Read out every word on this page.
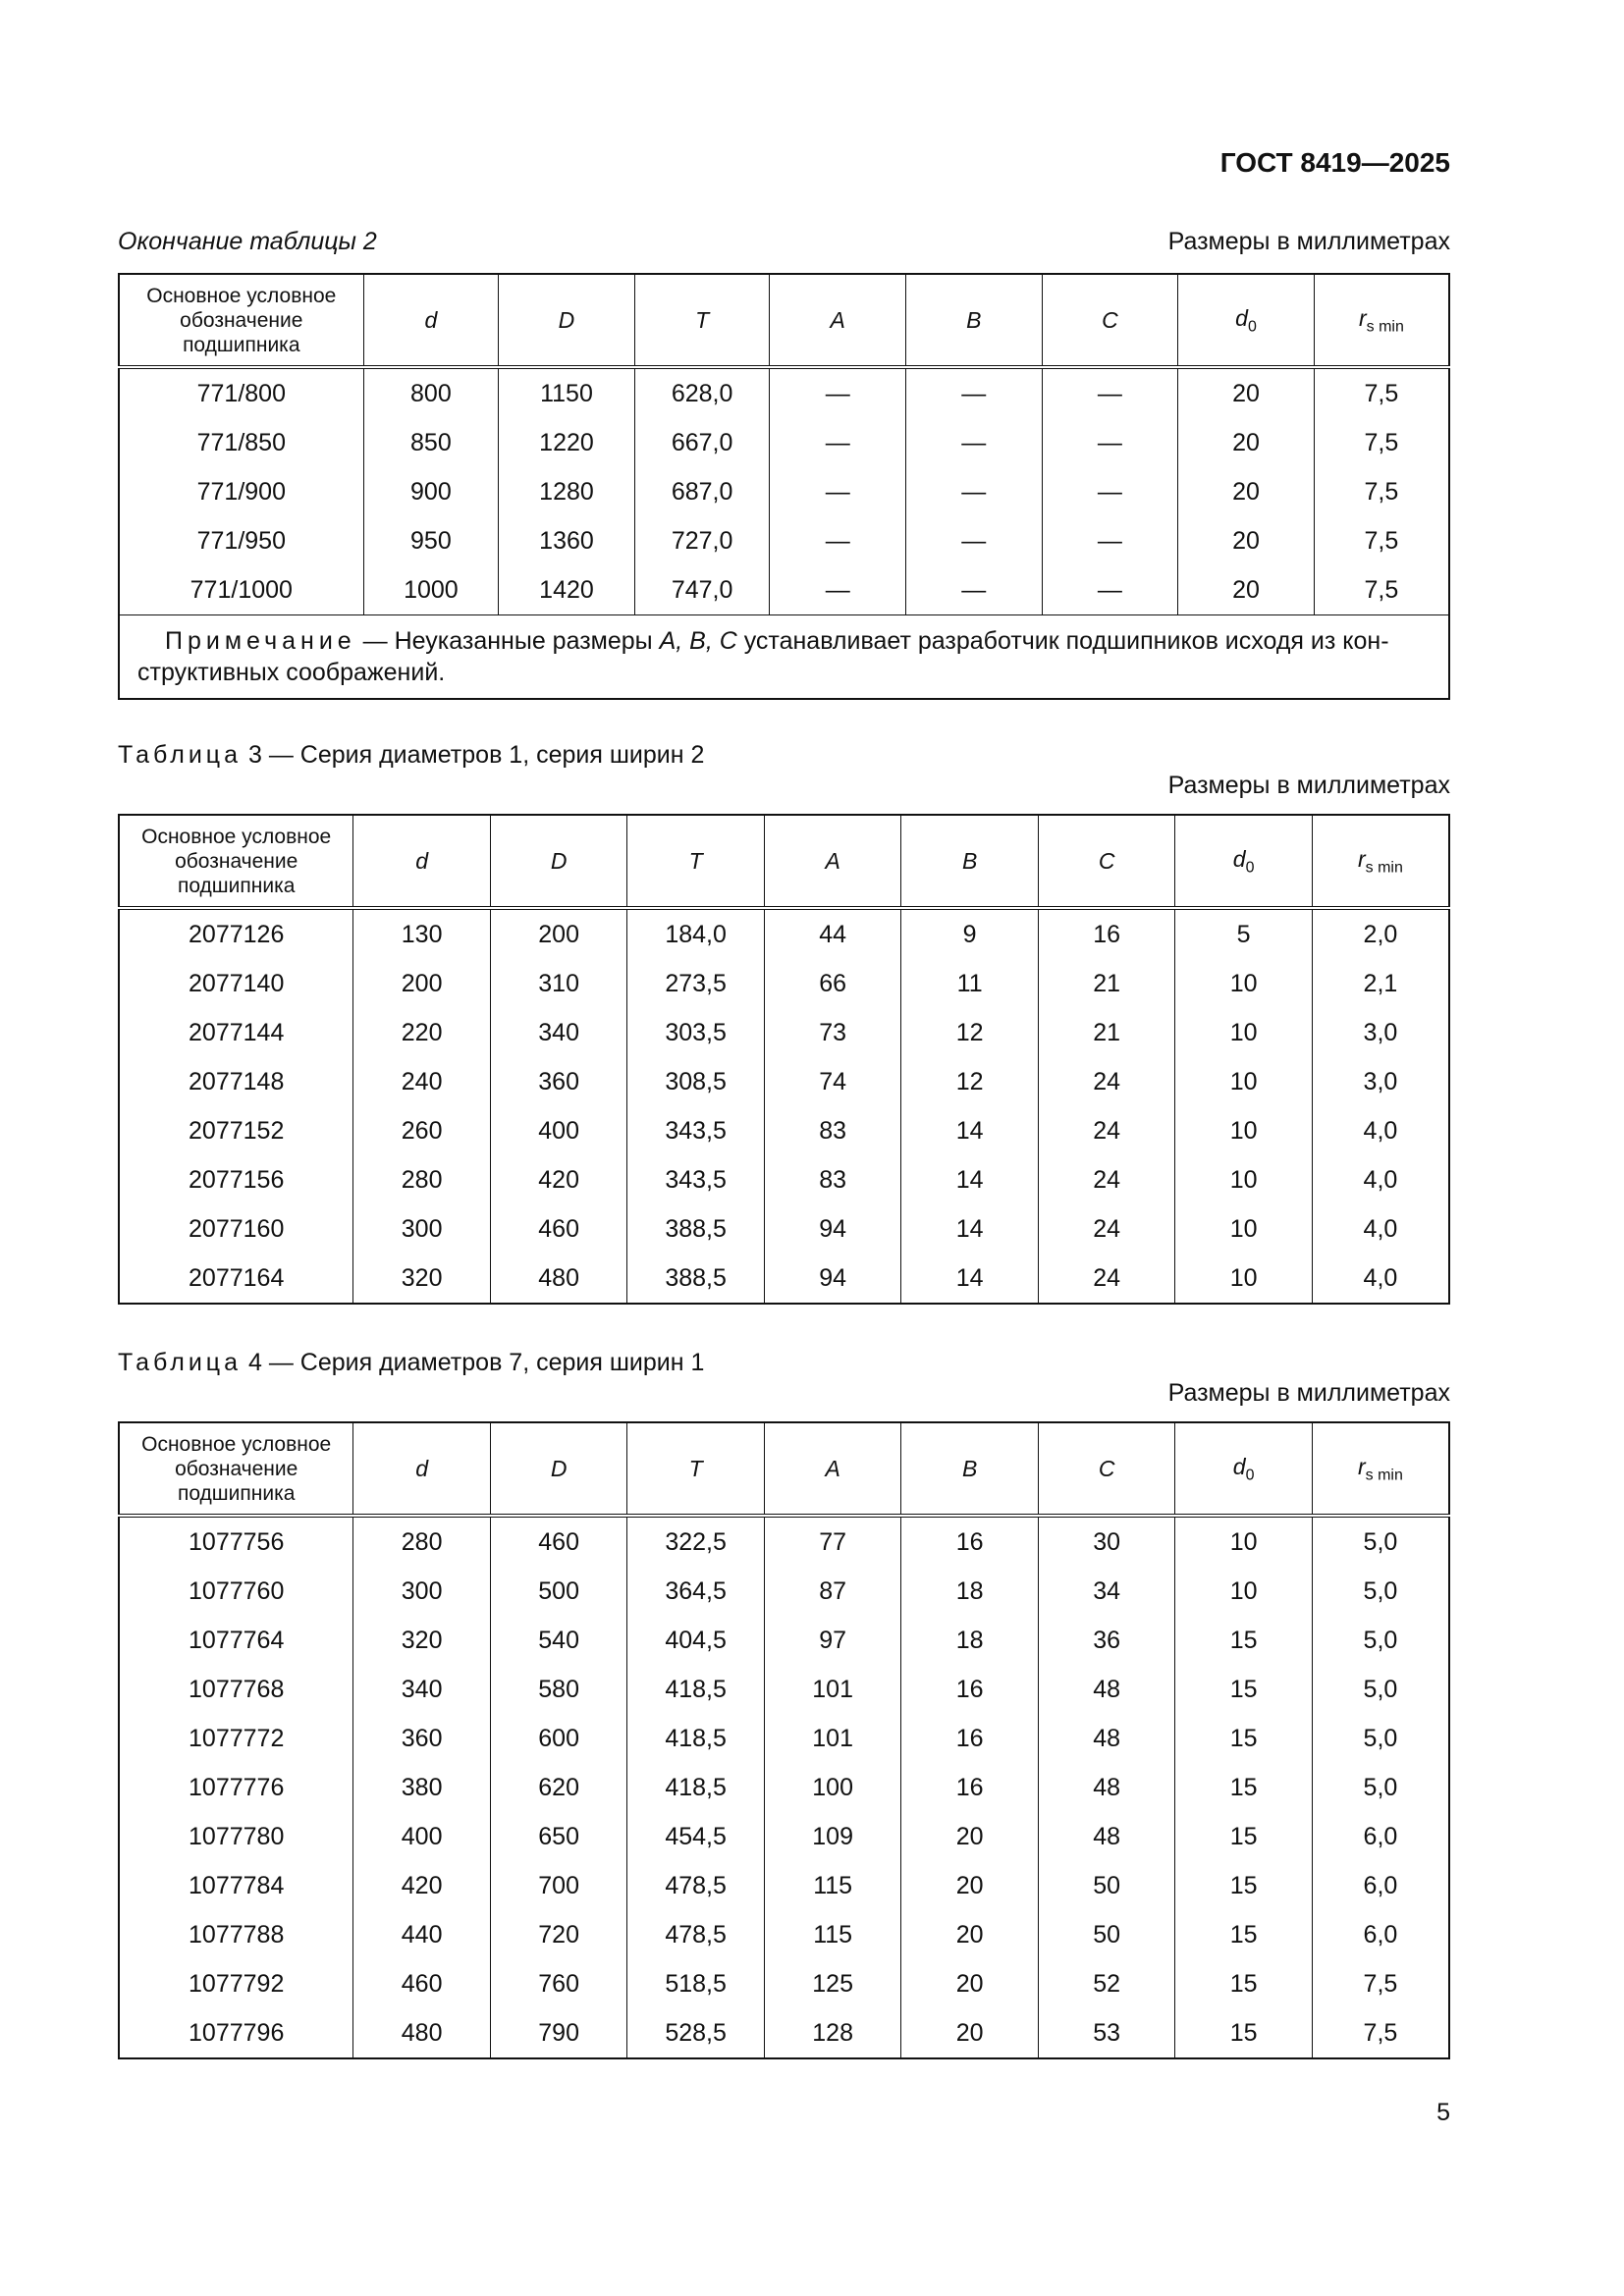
ГОСТ 8419—2025
Окончание таблицы 2	Размеры в миллиметрах
Основное условное
обозначение
подшипника	d	D	T	A	B	C	$d_0$	$r_{s min}$
771/800	800	1150	628,0	—	—	—	20	7,5
771/850	850	1220	667,0	—	—	—	20	7,5
771/900	900	1280	687,0	—	—	—	20	7,5
771/950	950	1360	727,0	—	—	—	20	7,5
771/1000	1000	1420	747,0	—	—	—	20	7,5
Примечание — Неуказанные размеры A, B, C устанавливает разработчик подшипников исходя из кон-
структивных соображений.								
Таблица 3 — Серия диаметров 1, серия ширин 2
Размеры в миллиметрах
Основное условное
обозначение
подшипника	d	D	T	A	B	C	$d_0$	$r_{s min}$
2077126	130	200	184,0	44	9	16	5	2,0
2077140	200	310	273,5	66	11	21	10	2,1
2077144	220	340	303,5	73	12	21	10	3,0
2077148	240	360	308,5	74	12	24	10	3,0
2077152	260	400	343,5	83	14	24	10	4,0
2077156	280	420	343,5	83	14	24	10	4,0
2077160	300	460	388,5	94	14	24	10	4,0
2077164	320	480	388,5	94	14	24	10	4,0
Таблица 4 — Серия диаметров 7, серия ширин 1
Размеры в миллиметрах
Основное условное
обозначение
подшипника	d	D	T	A	B	C	$d_0$	$r_{s min}$
1077756	280	460	322,5	77	16	30	10	5,0
1077760	300	500	364,5	87	18	34	10	5,0
1077764	320	540	404,5	97	18	36	15	5,0
1077768	340	580	418,5	101	16	48	15	5,0
1077772	360	600	418,5	101	16	48	15	5,0
1077776	380	620	418,5	100	16	48	15	5,0
1077780	400	650	454,5	109	20	48	15	6,0
1077784	420	700	478,5	115	20	50	15	6,0
1077788	440	720	478,5	115	20	50	15	6,0
1077792	460	760	518,5	125	20	52	15	7,5
1077796	480	790	528,5	128	20	53	15	7,5
5
